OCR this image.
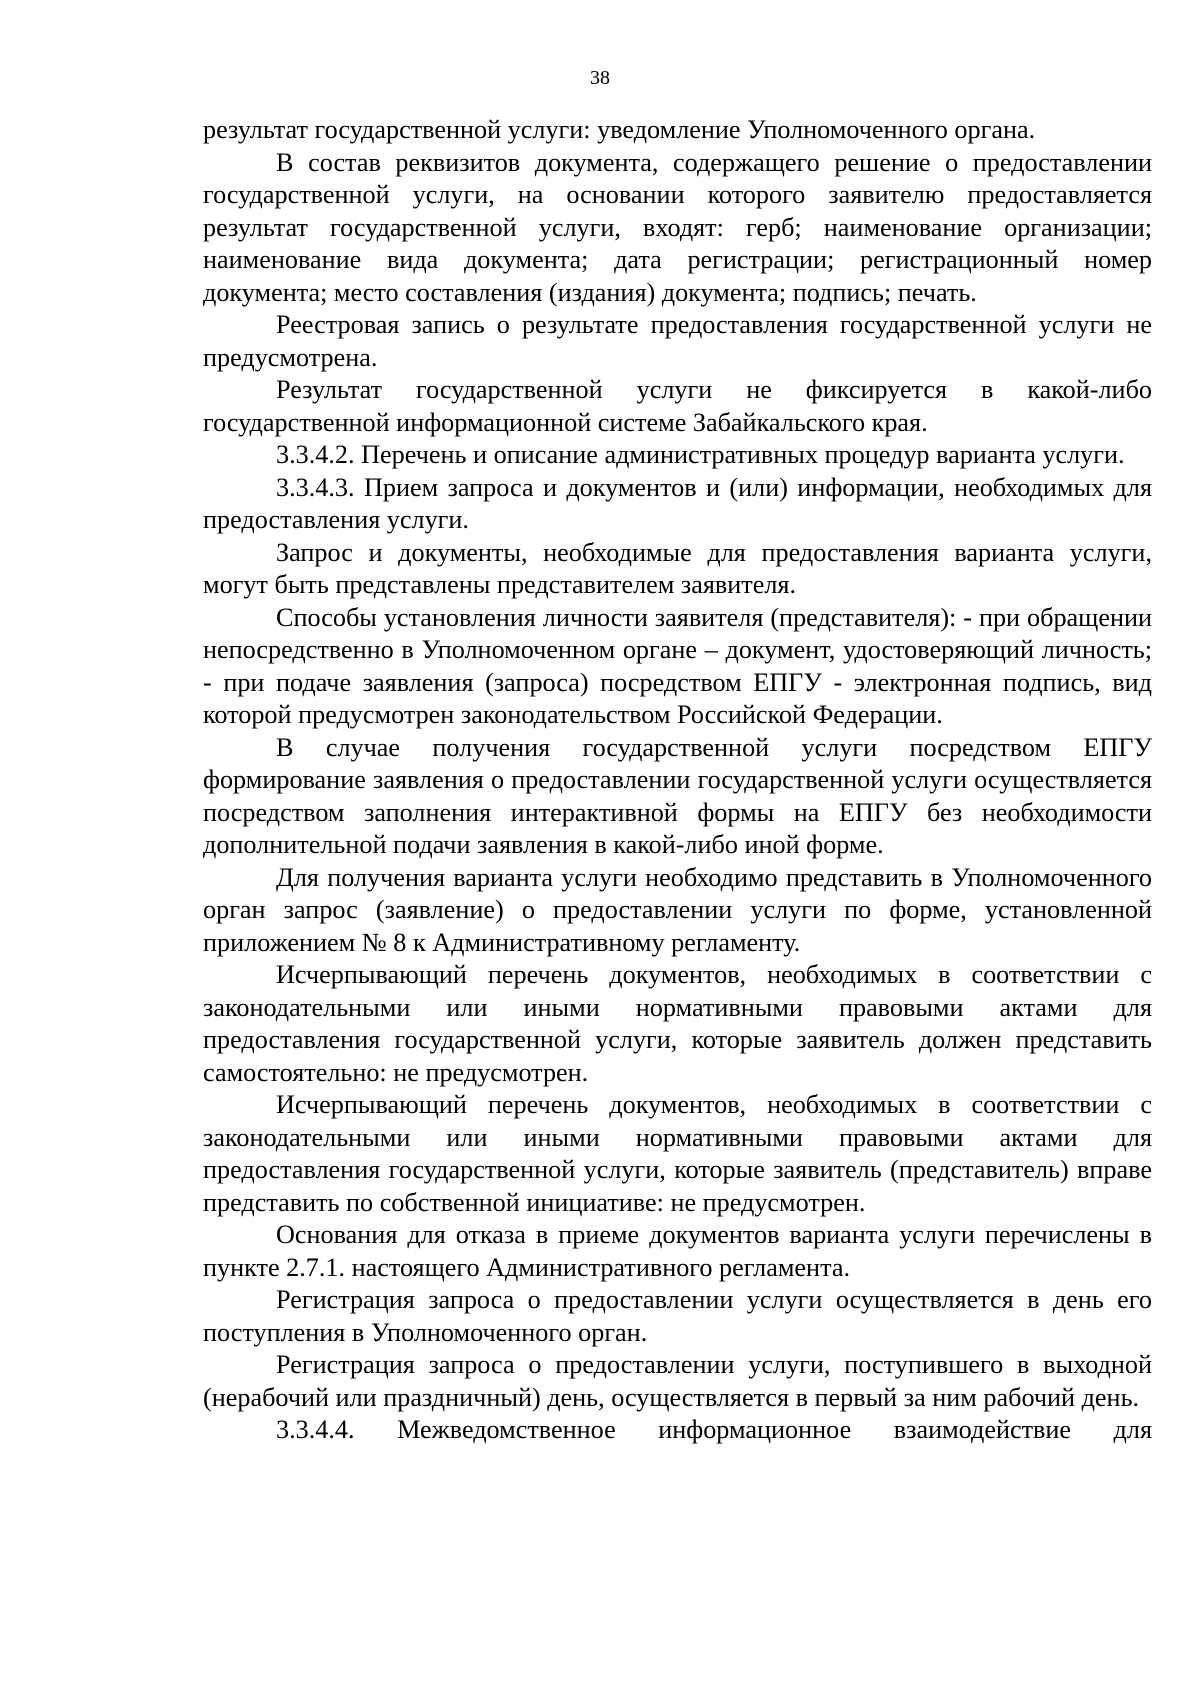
38

результат государственной услуги: уведомление Уполномоченного органа.

В состав реквизитов документа, содержащего решение о предоставлении государственной услуги, на основании которого заявителю предоставляется результат государственной услуги, входят: герб; наименование организации; наименование вида документа; дата регистрации; регистрационный номер документа; место составления (издания) документа; подпись; печать.

Реестровая запись о результате предоставления государственной услуги не предусмотрена.

Результат государственной услуги не фиксируется в какой-либо государственной информационной системе Забайкальского края.

3.3.4.2. Перечень и описание административных процедур варианта услуги.

3.3.4.3. Прием запроса и документов и (или) информации, необходимых для предоставления услуги.

Запрос и документы, необходимые для предоставления варианта услуги, могут быть представлены представителем заявителя.

Способы установления личности заявителя (представителя): - при обращении непосредственно в Уполномоченном органе – документ, удостоверяющий личность; - при подаче заявления (запроса) посредством ЕПГУ - электронная подпись, вид которой предусмотрен законодательством Российской Федерации.

В случае получения государственной услуги посредством ЕПГУ формирование заявления о предоставлении государственной услуги осуществляется посредством заполнения интерактивной формы на ЕПГУ без необходимости дополнительной подачи заявления в какой-либо иной форме.

Для получения варианта услуги необходимо представить в Уполномоченного орган запрос (заявление) о предоставлении услуги по форме, установленной приложением № 8 к Административному регламенту.

Исчерпывающий перечень документов, необходимых в соответствии с законодательными или иными нормативными правовыми актами для предоставления государственной услуги, которые заявитель должен представить самостоятельно: не предусмотрен.

Исчерпывающий перечень документов, необходимых в соответствии с законодательными или иными нормативными правовыми актами для предоставления государственной услуги, которые заявитель (представитель) вправе представить по собственной инициативе: не предусмотрен.

Основания для отказа в приеме документов варианта услуги перечислены в пункте 2.7.1. настоящего Административного регламента.

Регистрация запроса о предоставлении услуги осуществляется в день его поступления в Уполномоченного орган.

Регистрация запроса о предоставлении услуги, поступившего в выходной (нерабочий или праздничный) день, осуществляется в первый за ним рабочий день.

3.3.4.4. Межведомственное информационное взаимодействие для
